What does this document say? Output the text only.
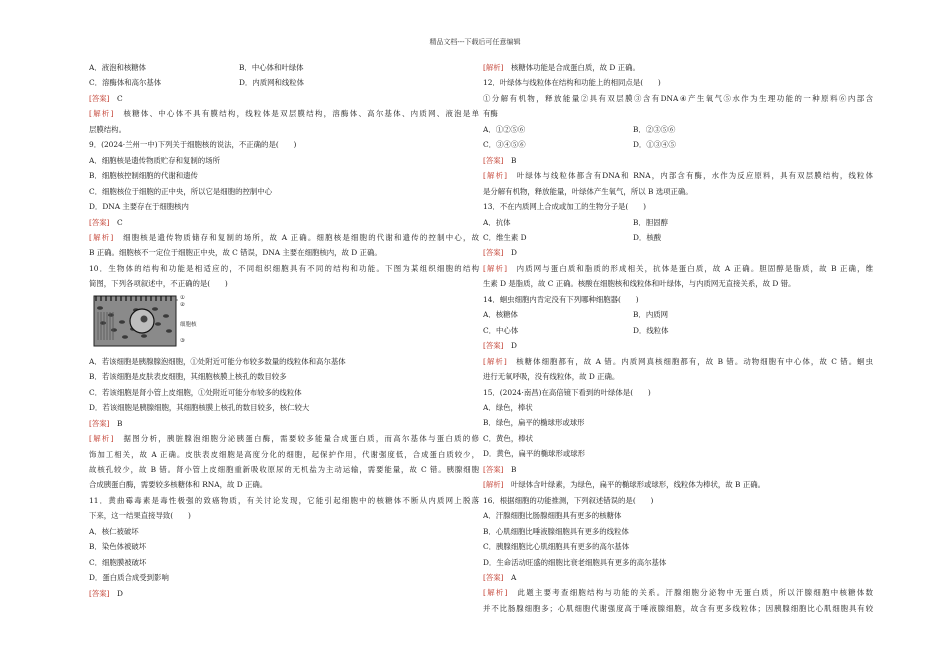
精品文档---下载后可任意编辑
A．液泡和核糖体	B．中心体和叶绿体
C．溶酶体和高尔基体	D．内质网和线粒体
[答案]　 C
[解析]　 核糖体、中心体不具有膜结构，线粒体是双层膜结构，溶酶体、高尔基体、内质网、液泡是单
层膜结构。
9．(2024·兰州一中)下列关于细胞核的说法，不正确的是(　　)
A．细胞核是遗传物质贮存和复制的场所
B．细胞核控制细胞的代谢和遗传
C．细胞核位于细胞的正中央，所以它是细胞的控制中心
D．DNA 主要存在于细胞核内
[答案]　 C
[解析]　 细胞核是遗传物质储存和复制的场所，故 A 正确。细胞核是细胞的代谢和遗传的控制中心，故
B 正确。细胞核不一定位于细胞正中央，故 C 错误，DNA 主要在细胞核内，故 D 正确。
10．生物体的结构和功能是相适应的，不同组织细胞具有不同的结构和功能。下图为某组织细胞的结构
简图，下列各项叙述中，不正确的是(　　)
①
②
细胞核
③
A．若该细胞是胰腺腺泡细胞，①处附近可能分布较多数量的线粒体和高尔基体
B．若该细胞是皮肤表皮细胞，其细胞核膜上核孔的数目较多
C．若该细胞是肾小管上皮细胞，①处附近可能分布较多的线粒体
D．若该细胞是胰腺细胞，其细胞核膜上核孔的数目较多，核仁较大
[答案]　 B
[解析]　 据图分析，胰脏腺泡细胞分泌胰蛋白酶，需要较多能量合成蛋白质，而高尔基体与蛋白质的修
饰加工相关，故 A 正确。皮肤表皮细胞是高度分化的细胞，起保护作用，代谢强度低，合成蛋白质较少，
故核孔较少，故 B 错。肾小管上皮细胞重新吸收原尿的无机盐为主动运输，需要能量，故 C 错。胰腺细胞
合成胰蛋白酶，需要较多核糖体和 RNA，故 D 正确。
11．黄曲霉毒素是毒性极强的致癌物质，有关讨论发现，它能引起细胞中的核糖体不断从内质网上脱落
下来，这一结果直接导致(　　)
A．核仁被破坏
B．染色体被破坏
C．细胞膜被破坏
D．蛋白质合成受到影响
[答案]　 D
[解析]　 核糖体功能是合成蛋白质，故 D 正确。
12．叶绿体与线粒体在结构和功能上的相同点是(　　)
①分解有机物，释放能量②具有双层膜③含有DNA④产生氧气⑤水作为生理功能的一种原料⑥内部含
有酶
A．①②⑤⑥	B．②③⑤⑥
C．③④⑤⑥	D．①③④⑤
[答案]　 B
[解析]　 叶绿体与线粒体都含有DNA和 RNA，内部含有酶，水作为反应原料，具有双层膜结构，线粒体
是分解有机物，释放能量，叶绿体产生氧气，所以 B 选项正确。
13．不在内质网上合成或加工的生物分子是(　　)
A．抗体	B．胆固醇
C．维生素 D	D．核酸
[答案]　 D
[解析]　 内质网与蛋白质和脂质的形成相关，抗体是蛋白质，故 A 正确。胆固醇是脂质，故 B 正确，维
生素 D 是脂质，故 C 正确。核酸在细胞核和线粒体和叶绿体，与内质网无直接关系，故 D 错。
14．蛔虫细胞内肯定没有下列哪种细胞器(　　)
A．核糖体	B．内质网
C．中心体	D．线粒体
[答案]　 D
[解析]　 核糖体细胞都有，故 A 错。内质网真核细胞都有，故 B 错。动物细胞有中心体，故 C 错。蛔虫
进行无氧呼吸，没有线粒体，故 D 正确。
15．(2024·南昌)在高倍镜下看到的叶绿体是(　　)
A．绿色，棒状
B．绿色，扁平的椭球形或球形
C．黄色，棒状
D．黄色，扁平的椭球形或球形
[答案]　 B
[解析]　 叶绿体含叶绿素，为绿色，扁平的椭球形或球形，线粒体为棒状，故 B 正确。
16．根据细胞的功能推测，下列叙述错误的是(　　)
A．汗腺细胞比肠腺细胞具有更多的核糖体
B．心肌细胞比唾液腺细胞具有更多的线粒体
C．胰腺细胞比心肌细胞具有更多的高尔基体
D．生命活动旺盛的细胞比衰老细胞具有更多的高尔基体
[答案]　 A
[解析]　 此题主要考查细胞结构与功能的关系。汗腺细胞分泌物中无蛋白质，所以汗腺细胞中核糖体数
并不比肠腺细胞多；心肌细胞代谢强度高于唾液腺细胞，故含有更多线粒体；因胰腺细胞比心肌细胞具有较
